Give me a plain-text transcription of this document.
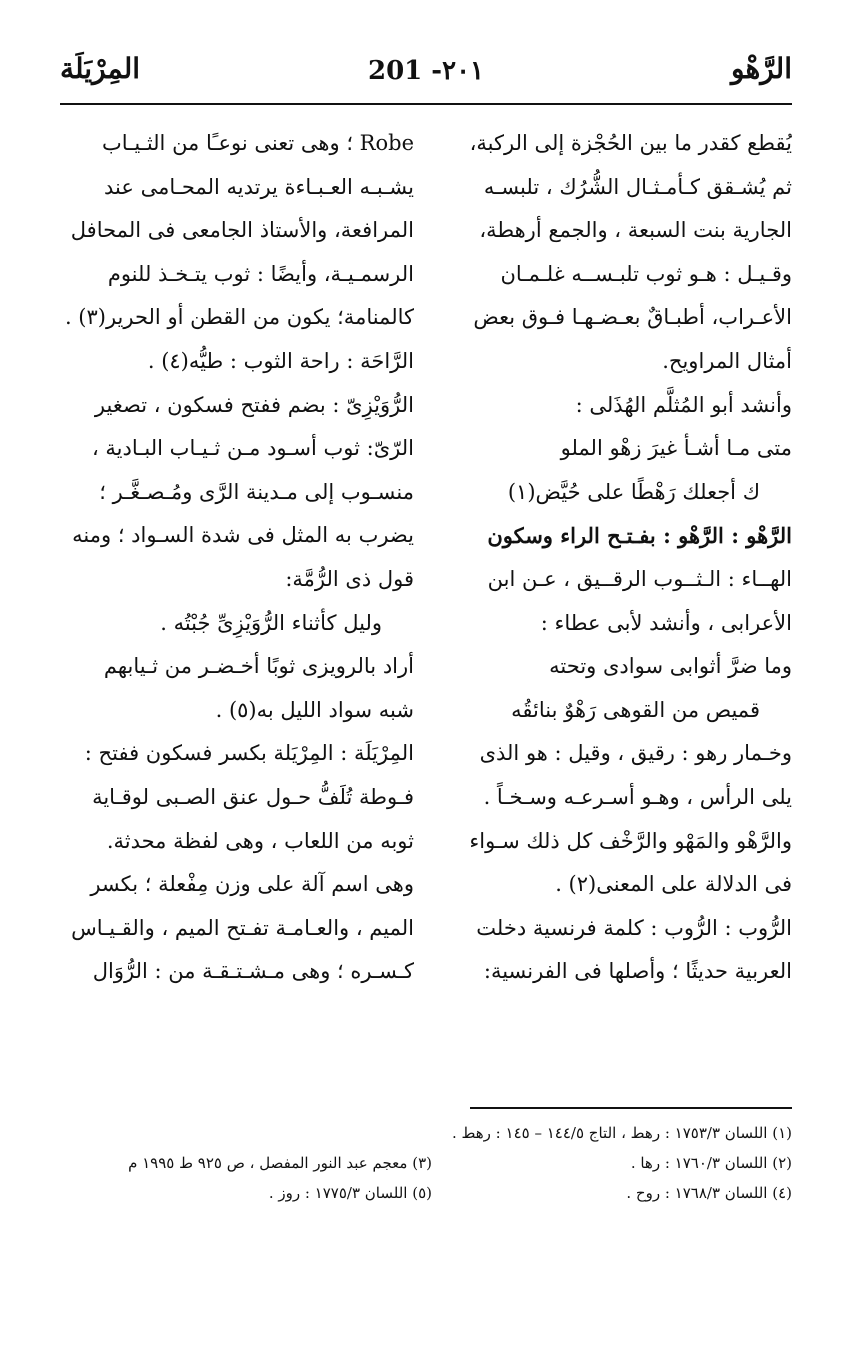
الرَّهْو
201 -٢٠١
المِرْيَلَة
يُقطع كقدر ما بين الحُجْزة إلى الركبة،
ثم يُشـقق كـأمـثـال الشُّرُك ، تلبسـه
الجارية بنت السبعة ، والجمع أرهطة،
وقـيـل : هـو ثوب تلبـســه غلـمـان
الأعـراب، أطبـاقٌ بعـضـهـا فـوق بعض
أمثال المراويح.
وأنشد أبو المُثلَّم الهُذَلى :
متى مـا أشـأ غيرَ زهْو الملو
ك أجعلك رَهْطًا على حُيَّض(١)
الرَّهْو : الرَّهْو : بفـتـح الراء وسكون
الهــاء : الـثــوب الرقــيق ، عـن ابن
الأعرابى ، وأنشد لأبى عطاء :
وما ضرَّ أثوابى سوادى وتحته
قميص من القوهى رَهْوٌ بنائقُه
وخـمار رهو : رقيق ، وقيل : هو الذى
يلى الرأس ، وهـو أسـرعـه وسـخـاً .
والرَّهْو والمَهْو والرَّخْف كل ذلك سـواء
فى الدلالة على المعنى(٢) .
الرُّوب : الرُّوب : كلمة فرنسية دخلت
العربية حديثًا ؛ وأصلها فى الفرنسية:
Robe ؛ وهى تعنى نوعـًا من الثـيـاب
يشـبـه العـبـاءة يرتديه المحـامى عند
المرافعة، والأستاذ الجامعى فى المحافل
الرسمـيـة، وأيضًا : ثوب يتـخـذ للنوم
كالمنامة؛ يكون من القطن أو الحرير(٣) .
الرَّاحَة : راحة الثوب : طيُّه(٤) .
الرُّوَيْزِىّ : بضم ففتح فسكون ، تصغير
الرّىّ: ثوب أسـود مـن ثـيـاب البـادية ،
منسـوب إلى مـدينة الرَّى ومُـصـغَّـر ؛
يضرب به المثل فى شدة السـواد ؛ ومنه
قول ذى الرُّمَّة:
وليل كأثناء الرُّوَيْزِىِّ جُبْتُه .
أراد بالرويزى ثوبًا أخـضـر من ثـيابهم
شبه سواد الليل به(٥) .
المِرْيَلَة : المِرْيَلة بكسر فسكون ففتح :
فـوطة تُلَفُّ حـول عنق الصـبى لوقـاية
ثوبه من اللعاب ، وهى لفظة محدثة.
وهى اسم آلة على وزن مِفْعلة ؛ بكسر
الميم ، والعـامـة تفـتح الميم ، والقـيـاس
كـسـره ؛ وهى مـشـتـقـة من : الرُّوَال
(١) اللسان ١٧٥٣/٣ : رهط ، التاج ١٤٤/٥ – ١٤٥ : رهط .
(٢) اللسان ١٧٦٠/٣ : رها .(٣) معجم عبد النور المفصل ، ص ٩٢٥ ط ١٩٩٥ م
(٤) اللسان ١٧٦٨/٣ : روح .(٥) اللسان ١٧٧٥/٣ : روز .
